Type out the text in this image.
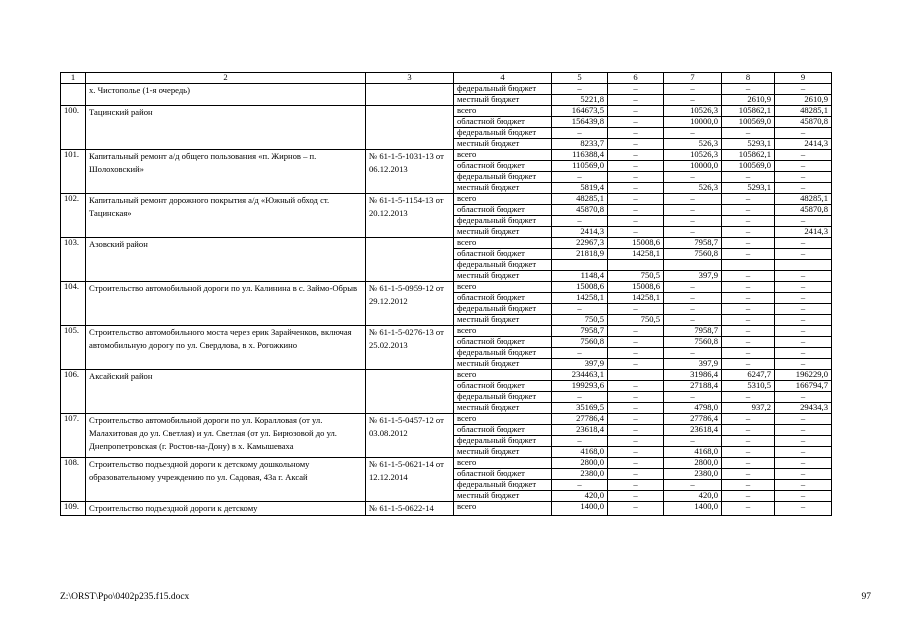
1	2	3	4	5	6	7	8	9
	х. Чистополье (1-я очередь)		федеральный бюджет	–	–	–	–	–
			местный бюджет	5221,8	–	–	2610,9	2610,9
100.	Тацинский район		всего	164673,5	–	10526,3	105862,1	48285,1
			областной бюджет	156439,8	–	10000,0	100569,0	45870,8
			федеральный бюджет	–	–	–	–	–
			местный бюджет	8233,7	–	526,3	5293,1	2414,3
101.	Капитальный ремонт а/д общего пользования «п. Жирнов – п. Шолоховский»	№ 61-1-5-1031-13 от 06.12.2013	всего	116388,4	–	10526,3	105862,1	–
			областной бюджет	110569,0	–	10000,0	100569,0	–
			федеральный бюджет	–	–	–	–	–
			местный бюджет	5819,4	–	526,3	5293,1	–
102.	Капитальный ремонт дорожного покрытия а/д «Южный обход ст. Тацинская»	№ 61-1-5-1154-13 от 20.12.2013	всего	48285,1	–	–	–	48285,1
			областной бюджет	45870,8	–	–	–	45870,8
			федеральный бюджет	–	–	–	–	–
			местный бюджет	2414,3	–	–	–	2414,3
103.	Азовский район		всего	22967,3	15008,6	7958,7	–	–
			областной бюджет	21818,9	14258,1	7560,8	–	–
			федеральный бюджет					
			местный бюджет	1148,4	750,5	397,9	–	–
104.	Строительство автомобильной дороги по ул. Калинина в с. Займо-Обрыв	№ 61-1-5-0959-12 от 29.12.2012	всего	15008,6	15008,6	–	–	–
			областной бюджет	14258,1	14258,1	–	–	–
			федеральный бюджет	–	–	–	–	–
			местный бюджет	750,5	750,5	–	–	–
105.	Строительство автомобильного моста через ерик Зарайченков, включая автомобильную дорогу по ул. Свердлова, в х. Рогожкино	№ 61-1-5-0276-13 от 25.02.2013	всего	7958,7	–	7958,7	–	–
			областной бюджет	7560,8	–	7560,8	–	–
			федеральный бюджет	–	–	–	–	–
			местный бюджет	397,9	–	397,9	–	–
106.	Аксайский район		всего	234463,1		31986,4	6247,7	196229,0
			областной бюджет	199293,6	–	27188,4	5310,5	166794,7
			федеральный бюджет	–	–	–	–	–
			местный бюджет	35169,5	–	4798,0	937,2	29434,3
107.	Строительство автомобильной дороги по ул. Коралловая (от ул. Малахитовая до ул. Светлая) и ул. Светлая (от ул. Бирюзовой до ул. Днепропетровская (г. Ростов-на-Дону) в х. Камышеваха	№ 61-1-5-0457-12 от 03.08.2012	всего	27786,4	–	27786,4	–	–
			областной бюджет	23618,4	–	23618,4	–	–
			федеральный бюджет	–	–	–	–	–
			местный бюджет	4168,0	–	4168,0	–	–
108.	Строительство подъездной дороги к детскому дошкольному образовательному учреждению по ул. Садовая, 43а г. Аксай	№ 61-1-5-0621-14 от 12.12.2014	всего	2800,0	–	2800,0	–	–
			областной бюджет	2380,0	–	2380,0	–	–
			федеральный бюджет	–	–	–	–	–
			местный бюджет	420,0	–	420,0	–	–
109.	Строительство подъездной дороги к детскому	№ 61-1-5-0622-14	всего	1400,0	–	1400,0	–	–
Z:\ORST\Ppo\0402p235.f15.docx	97
